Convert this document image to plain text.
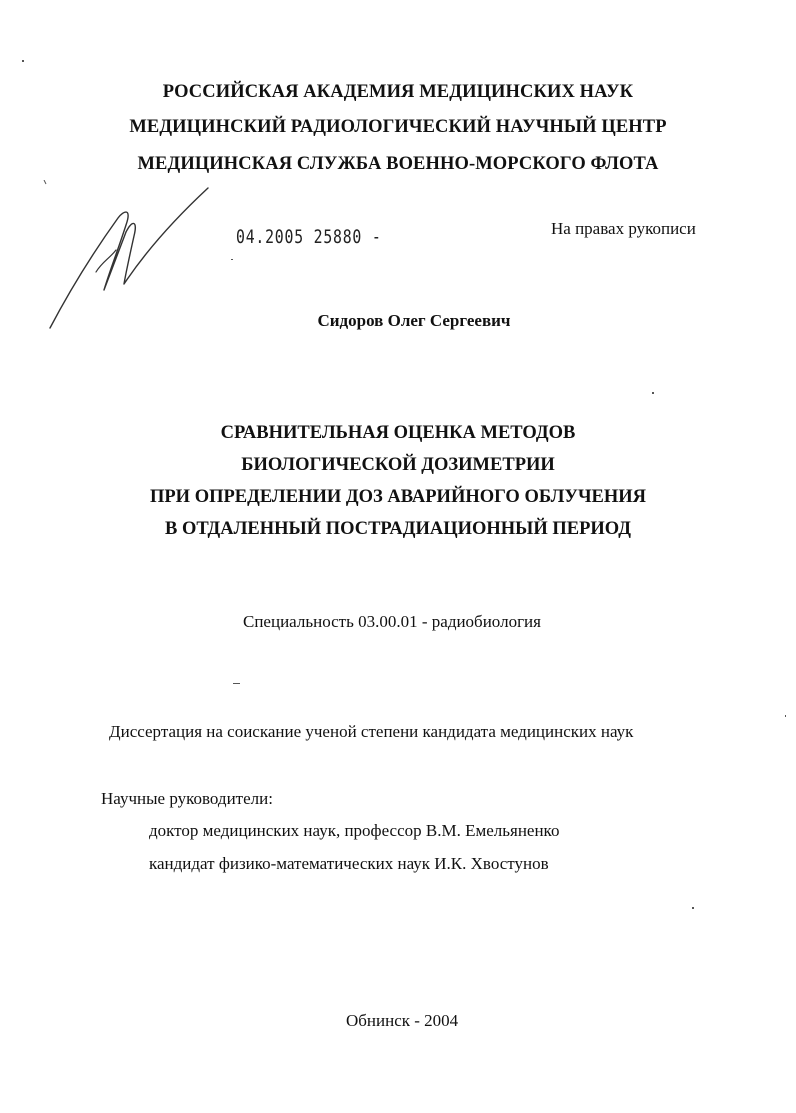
РОССИЙСКАЯ АКАДЕМИЯ МЕДИЦИНСКИХ НАУК
МЕДИЦИНСКИЙ РАДИОЛОГИЧЕСКИЙ НАУЧНЫЙ ЦЕНТР
МЕДИЦИНСКАЯ СЛУЖБА ВОЕННО-МОРСКОГО ФЛОТА
04.2005 25880 -	На правах рукописи
Сидоров Олег Сергеевич
СРАВНИТЕЛЬНАЯ ОЦЕНКА МЕТОДОВ
БИОЛОГИЧЕСКОЙ ДОЗИМЕТРИИ
ПРИ ОПРЕДЕЛЕНИИ ДОЗ АВАРИЙНОГО ОБЛУЧЕНИЯ
В ОТДАЛЕННЫЙ ПОСТРАДИАЦИОННЫЙ ПЕРИОД
Специальность 03.00.01 - радиобиология
Диссертация на соискание ученой степени кандидата медицинских наук
Научные руководители:
доктор медицинских наук, профессор В.М. Емельяненко
кандидат физико-математических наук И.К. Хвостунов
Обнинск - 2004
